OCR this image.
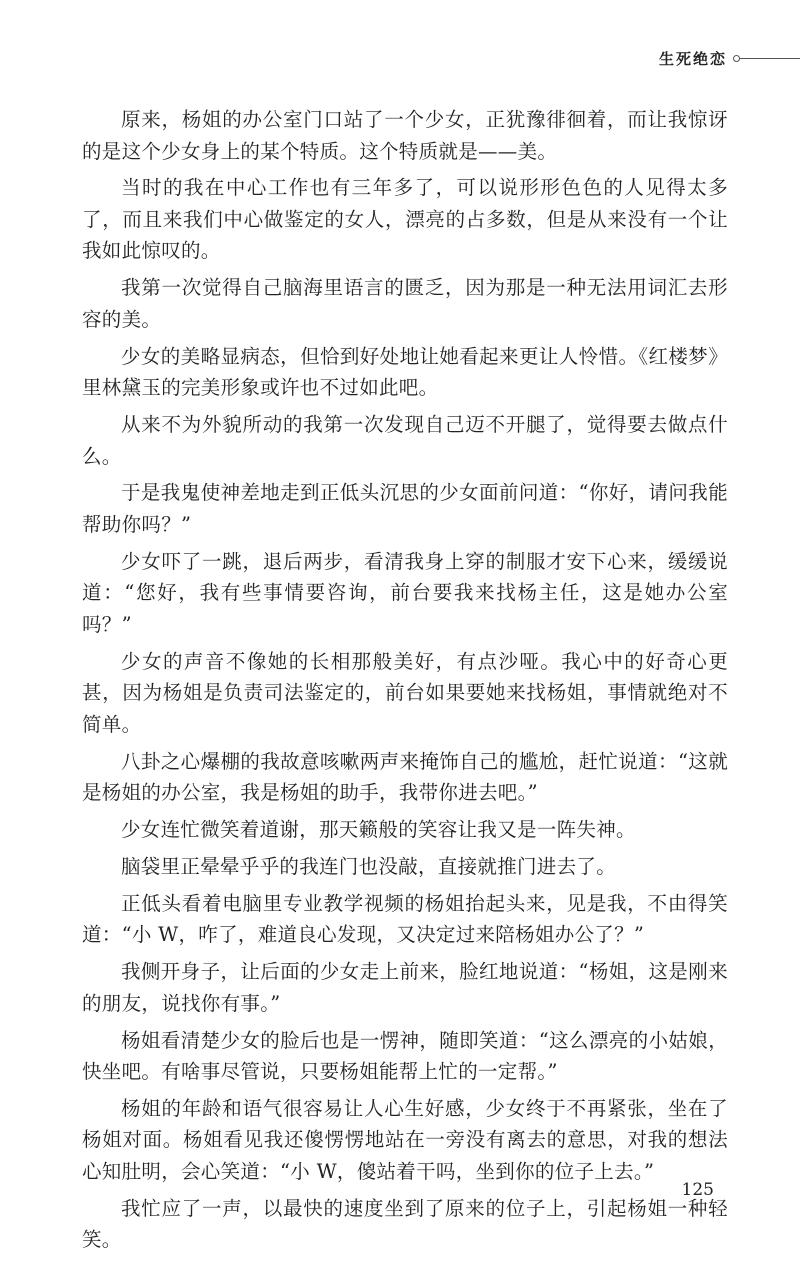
生死绝恋

原来，杨姐的办公室门口站了一个少女，正犹豫徘徊着，而让我惊讶的是这个少女身上的某个特质。这个特质就是——美。

当时的我在中心工作也有三年多了，可以说形形色色的人见得太多了，而且来我们中心做鉴定的女人，漂亮的占多数，但是从来没有一个让我如此惊叹的。

我第一次觉得自己脑海里语言的匮乏，因为那是一种无法用词汇去形容的美。

少女的美略显病态，但恰到好处地让她看起来更让人怜惜。《红楼梦》里林黛玉的完美形象或许也不过如此吧。

从来不为外貌所动的我第一次发现自己迈不开腿了，觉得要去做点什么。

于是我鬼使神差地走到正低头沉思的少女面前问道：“你好，请问我能帮助你吗？”

少女吓了一跳，退后两步，看清我身上穿的制服才安下心来，缓缓说道：“您好，我有些事情要咨询，前台要我来找杨主任，这是她办公室吗？”

少女的声音不像她的长相那般美好，有点沙哑。我心中的好奇心更甚，因为杨姐是负责司法鉴定的，前台如果要她来找杨姐，事情就绝对不简单。

八卦之心爆棚的我故意咳嗽两声来掩饰自己的尴尬，赶忙说道：“这就是杨姐的办公室，我是杨姐的助手，我带你进去吧。”

少女连忙微笑着道谢，那天籁般的笑容让我又是一阵失神。

脑袋里正晕晕乎乎的我连门也没敲，直接就推门进去了。

正低头看着电脑里专业教学视频的杨姐抬起头来，见是我，不由得笑道：“小 W，咋了，难道良心发现，又决定过来陪杨姐办公了？”

我侧开身子，让后面的少女走上前来，脸红地说道：“杨姐，这是刚来的朋友，说找你有事。”

杨姐看清楚少女的脸后也是一愣神，随即笑道：“这么漂亮的小姑娘，快坐吧。有啥事尽管说，只要杨姐能帮上忙的一定帮。”

杨姐的年龄和语气很容易让人心生好感，少女终于不再紧张，坐在了杨姐对面。杨姐看见我还傻愣愣地站在一旁没有离去的意思，对我的想法心知肚明，会心笑道：“小 W，傻站着干吗，坐到你的位子上去。”

我忙应了一声，以最快的速度坐到了原来的位子上，引起杨姐一种轻笑。

125
